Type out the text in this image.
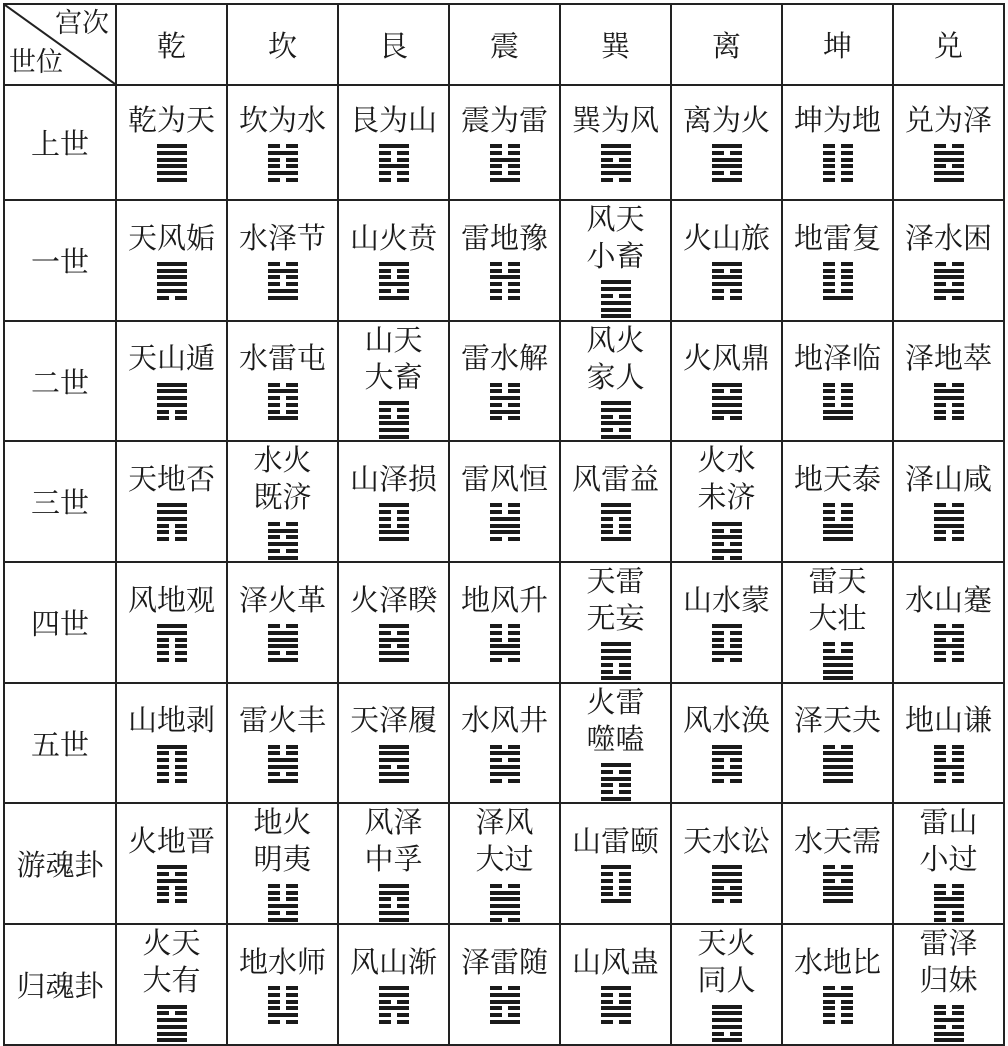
宫次
世位	乾	坎	艮	震	巽	离	坤	兑
上世	乾为天	坎为水	艮为山	震为雷	巽为风	离为火	坤为地	兑为泽

一世	天风姤	水泽节	山火贲	雷地豫	风天小畜	火山旅	地雷复	泽水困

二世	天山遁	水雷屯	山天大畜	雷水解	风火家人	火风鼎	地泽临	泽地萃

三世	天地否	水火既济	山泽损	雷风恒	风雷益	火水未济	地天泰	泽山咸

四世	风地观	泽火革	火泽睽	地风升	天雷无妄	山水蒙	雷天大壮	水山蹇

五世	山地剥	雷火丰	天泽履	水风井	火雷噬嗑	风水涣	泽天夬	地山谦

游魂卦	火地晋	地火明夷	风泽中孚	泽风大过	山雷颐	天水讼	水天需	雷山小过

归魂卦	火天大有	地水师	风山渐	泽雷随	山风蛊	天火同人	水地比	雷泽归妹
